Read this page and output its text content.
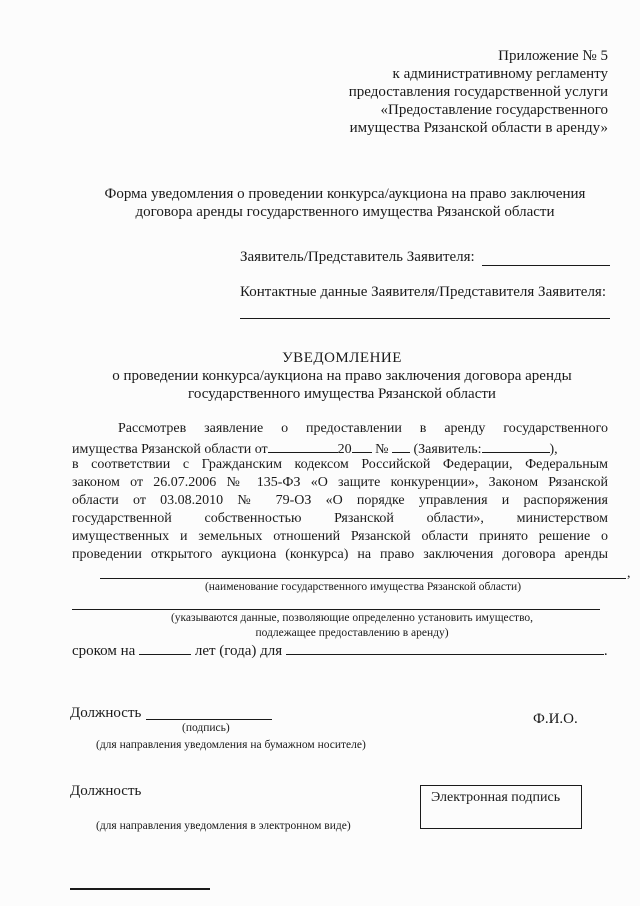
Приложение № 5
к административному регламенту
предоставления государственной услуги
«Предоставление государственного
имущества Рязанской области в аренду»
Форма уведомления о проведении конкурса/аукциона на право заключения
договора аренды государственного имущества Рязанской области
Заявитель/Представитель Заявителя:
Контактные данные Заявителя/Представителя Заявителя:
УВЕДОМЛЕНИЕ
о проведении конкурса/аукциона на право заключения договора аренды
государственного имущества Рязанской области
Рассмотрев заявление о предоставлении в аренду государственного
имущества Рязанской области от	20 № (Заявитель:	),
в соответствии с Гражданским кодексом Российской Федерации, Федеральным
законом от 26.07.2006 № 135-ФЗ «О защите конкуренции», Законом Рязанской
области от 03.08.2010 № 79-ОЗ «О порядке управления и распоряжения
государственной собственностью Рязанской области», министерством
имущественных и земельных отношений Рязанской области принято решение о
проведении открытого аукциона (конкурса) на право заключения договора аренды
,
(наименование государственного имущества Рязанской области)
(указываются данные, позволяющие определенно установить имущество,
подлежащее предоставлению в аренду)
сроком на	лет (года) для	.
Должность
(подпись)
Ф.И.О.
(для направления уведомления на бумажном носителе)
Должность	Электронная подпись
(для направления уведомления в электронном виде)
